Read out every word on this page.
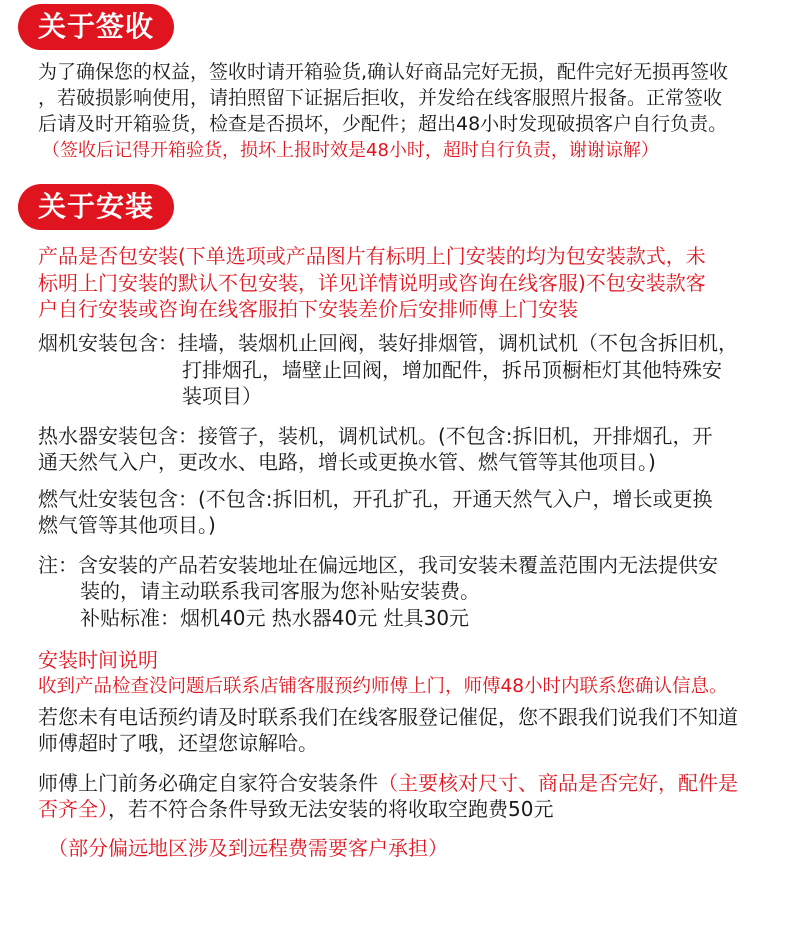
关于签收
为了确保您的权益，签收时请开箱验货,确认好商品完好无损，配件完好无损再签收
，若破损影响使用，请拍照留下证据后拒收，并发给在线客服照片报备。正常签收
后请及时开箱验货，检查是否损坏，少配件；超出48小时发现破损客户自行负责。
（签收后记得开箱验货，损坏上报时效是48小时，超时自行负责，谢谢谅解）
关于安装
产品是否包安装(下单选项或产品图片有标明上门安装的均为包安装款式，未
标明上门安装的默认不包安装，详见详情说明或咨询在线客服)不包安装款客
户自行安装或咨询在线客服拍下安装差价后安排师傅上门安装
烟机安装包含：挂墙，装烟机止回阀，装好排烟管，调机试机（不包含拆旧机，
打排烟孔，墙壁止回阀，增加配件，拆吊顶橱柜灯其他特殊安
装项目）
热水器安装包含：接管子，装机，调机试机。(不包含:拆旧机，开排烟孔，开
通天然气入户，更改水、电路，增长或更换水管、燃气管等其他项目。)
燃气灶安装包含：(不包含:拆旧机，开孔扩孔，开通天然气入户，增长或更换
燃气管等其他项目。)
注：含安装的产品若安装地址在偏远地区，我司安装未覆盖范围内无法提供安
装的，请主动联系我司客服为您补贴安装费。
补贴标准：烟机40元 热水器40元 灶具30元
安装时间说明
收到产品检查没问题后联系店铺客服预约师傅上门，师傅48小时内联系您确认信息。
若您未有电话预约请及时联系我们在线客服登记催促，您不跟我们说我们不知道
师傅超时了哦，还望您谅解哈。
师傅上门前务必确定自家符合安装条件（主要核对尺寸、商品是否完好，配件是
否齐全），若不符合条件导致无法安装的将收取空跑费50元
（部分偏远地区涉及到远程费需要客户承担）
